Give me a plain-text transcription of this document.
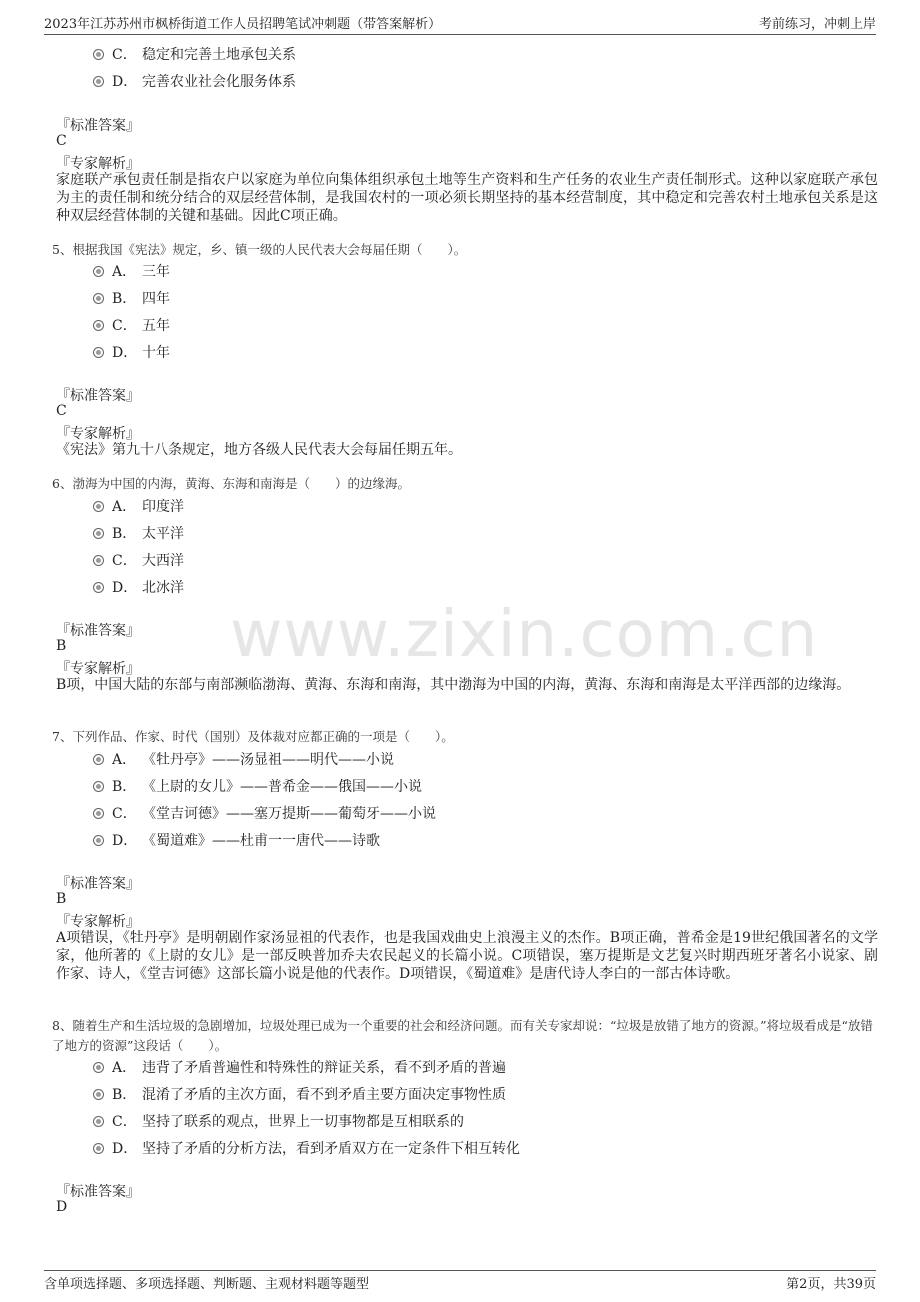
2023年江苏苏州市枫桥街道工作人员招聘笔试冲刺题（带答案解析）	考前练习，冲刺上岸
www.zixin.com.cn
C． 稳定和完善土地承包关系
D． 完善农业社会化服务体系
『标准答案』
C
『专家解析』
家庭联产承包责任制是指农户以家庭为单位向集体组织承包土地等生产资料和生产任务的农业生产责任制形式。这种以家庭联产承包为主的责任制和统分结合的双层经营体制，是我国农村的一项必须长期坚持的基本经营制度，其中稳定和完善农村土地承包关系是这种双层经营体制的关键和基础。因此C项正确。
5、根据我国《宪法》规定，乡、镇一级的人民代表大会每届任期（　　）。
A． 三年
B． 四年
C． 五年
D． 十年
『标准答案』
C
『专家解析』
《宪法》第九十八条规定，地方各级人民代表大会每届任期五年。
6、渤海为中国的内海，黄海、东海和南海是（　　）的边缘海。
A． 印度洋
B． 太平洋
C． 大西洋
D． 北冰洋
『标准答案』
B
『专家解析』
B项，中国大陆的东部与南部濒临渤海、黄海、东海和南海，其中渤海为中国的内海，黄海、东海和南海是太平洋西部的边缘海。
7、下列作品、作家、时代（国别）及体裁对应都正确的一项是（　　）。
A． 《牡丹亭》——汤显祖——明代——小说
B． 《上尉的女儿》——普希金——俄国——小说
C． 《堂吉诃德》——塞万提斯——葡萄牙——小说
D． 《蜀道难》——杜甫一一唐代——诗歌
『标准答案』
B
『专家解析』
A项错误，《牡丹亭》是明朝剧作家汤显祖的代表作，也是我国戏曲史上浪漫主义的杰作。B项正确，普希金是19世纪俄国著名的文学家，他所著的《上尉的女儿》是一部反映普加乔夫农民起义的长篇小说。C项错误，塞万提斯是文艺复兴时期西班牙著名小说家、剧作家、诗人，《堂吉诃德》这部长篇小说是他的代表作。D项错误，《蜀道难》是唐代诗人李白的一部古体诗歌。
8、随着生产和生活垃圾的急剧增加，垃圾处理已成为一个重要的社会和经济问题。而有关专家却说：“垃圾是放错了地方的资源。”将垃圾看成是“放错了地方的资源”这段话（　　）。
A． 违背了矛盾普遍性和特殊性的辩证关系，看不到矛盾的普遍
B． 混淆了矛盾的主次方面，看不到矛盾主要方面决定事物性质
C． 坚持了联系的观点，世界上一切事物都是互相联系的
D． 坚持了矛盾的分析方法，看到矛盾双方在一定条件下相互转化
『标准答案』
D
含单项选择题、多项选择题、判断题、主观材料题等题型	第2页，共39页
